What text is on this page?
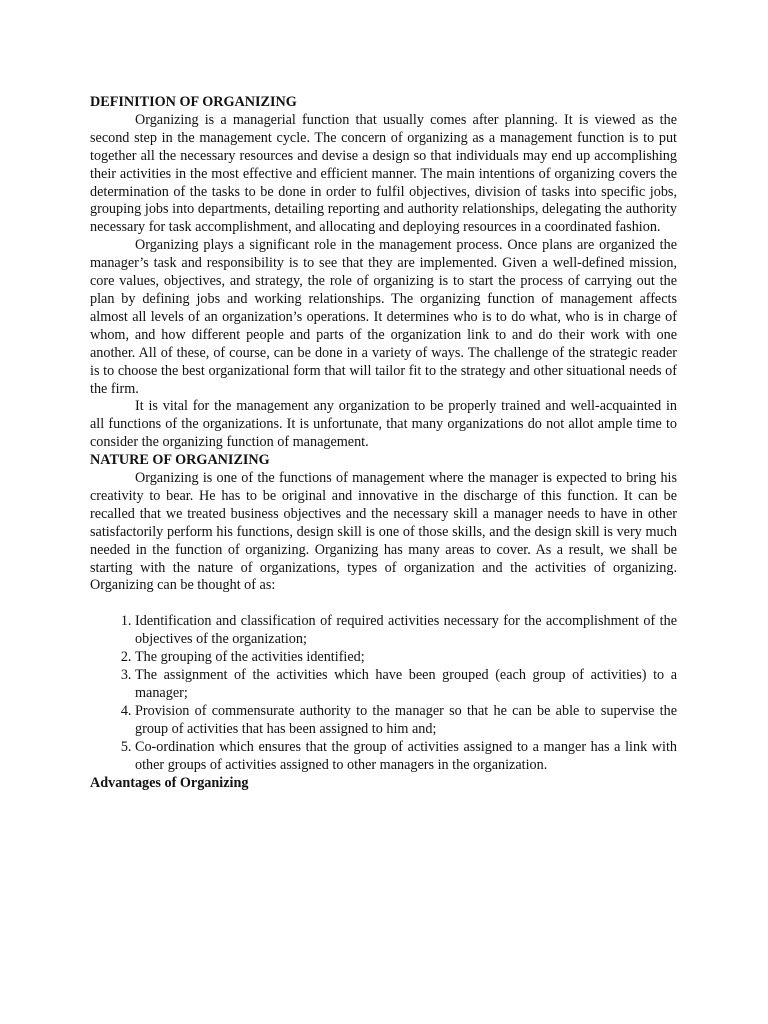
DEFINITION OF ORGANIZING

Organizing is a managerial function that usually comes after planning. It is viewed as the second step in the management cycle. The concern of organizing as a management function is to put together all the necessary resources and devise a design so that individuals may end up accomplishing their activities in the most effective and efficient manner. The main intentions of organizing covers the determination of the tasks to be done in order to fulfil objectives, division of tasks into specific jobs, grouping jobs into departments, detailing reporting and authority relationships, delegating the authority necessary for task accomplishment, and allocating and deploying resources in a coordinated fashion.

Organizing plays a significant role in the management process. Once plans are organized the manager’s task and responsibility is to see that they are implemented. Given a well-defined mission, core values, objectives, and strategy, the role of organizing is to start the process of carrying out the plan by defining jobs and working relationships. The organizing function of management affects almost all levels of an organization’s operations. It determines who is to do what, who is in charge of whom, and how different people and parts of the organization link to and do their work with one another. All of these, of course, can be done in a variety of ways. The challenge of the strategic reader is to choose the best organizational form that will tailor fit to the strategy and other situational needs of the firm.

It is vital for the management any organization to be properly trained and well-acquainted in all functions of the organizations. It is unfortunate, that many organizations do not allot ample time to consider the organizing function of management.

NATURE OF ORGANIZING

Organizing is one of the functions of management where the manager is expected to bring his creativity to bear. He has to be original and innovative in the discharge of this function. It can be recalled that we treated business objectives and the necessary skill a manager needs to have in other satisfactorily perform his functions, design skill is one of those skills, and the design skill is very much needed in the function of organizing. Organizing has many areas to cover. As a result, we shall be starting with the nature of organizations, types of organization and the activities of organizing. Organizing can be thought of as:

1. Identification and classification of required activities necessary for the accomplishment of the objectives of the organization;
2. The grouping of the activities identified;
3. The assignment of the activities which have been grouped (each group of activities) to a manager;
4. Provision of commensurate authority to the manager so that he can be able to supervise the group of activities that has been assigned to him and;
5. Co-ordination which ensures that the group of activities assigned to a manger has a link with other groups of activities assigned to other managers in the organization.
Advantages of Organizing
